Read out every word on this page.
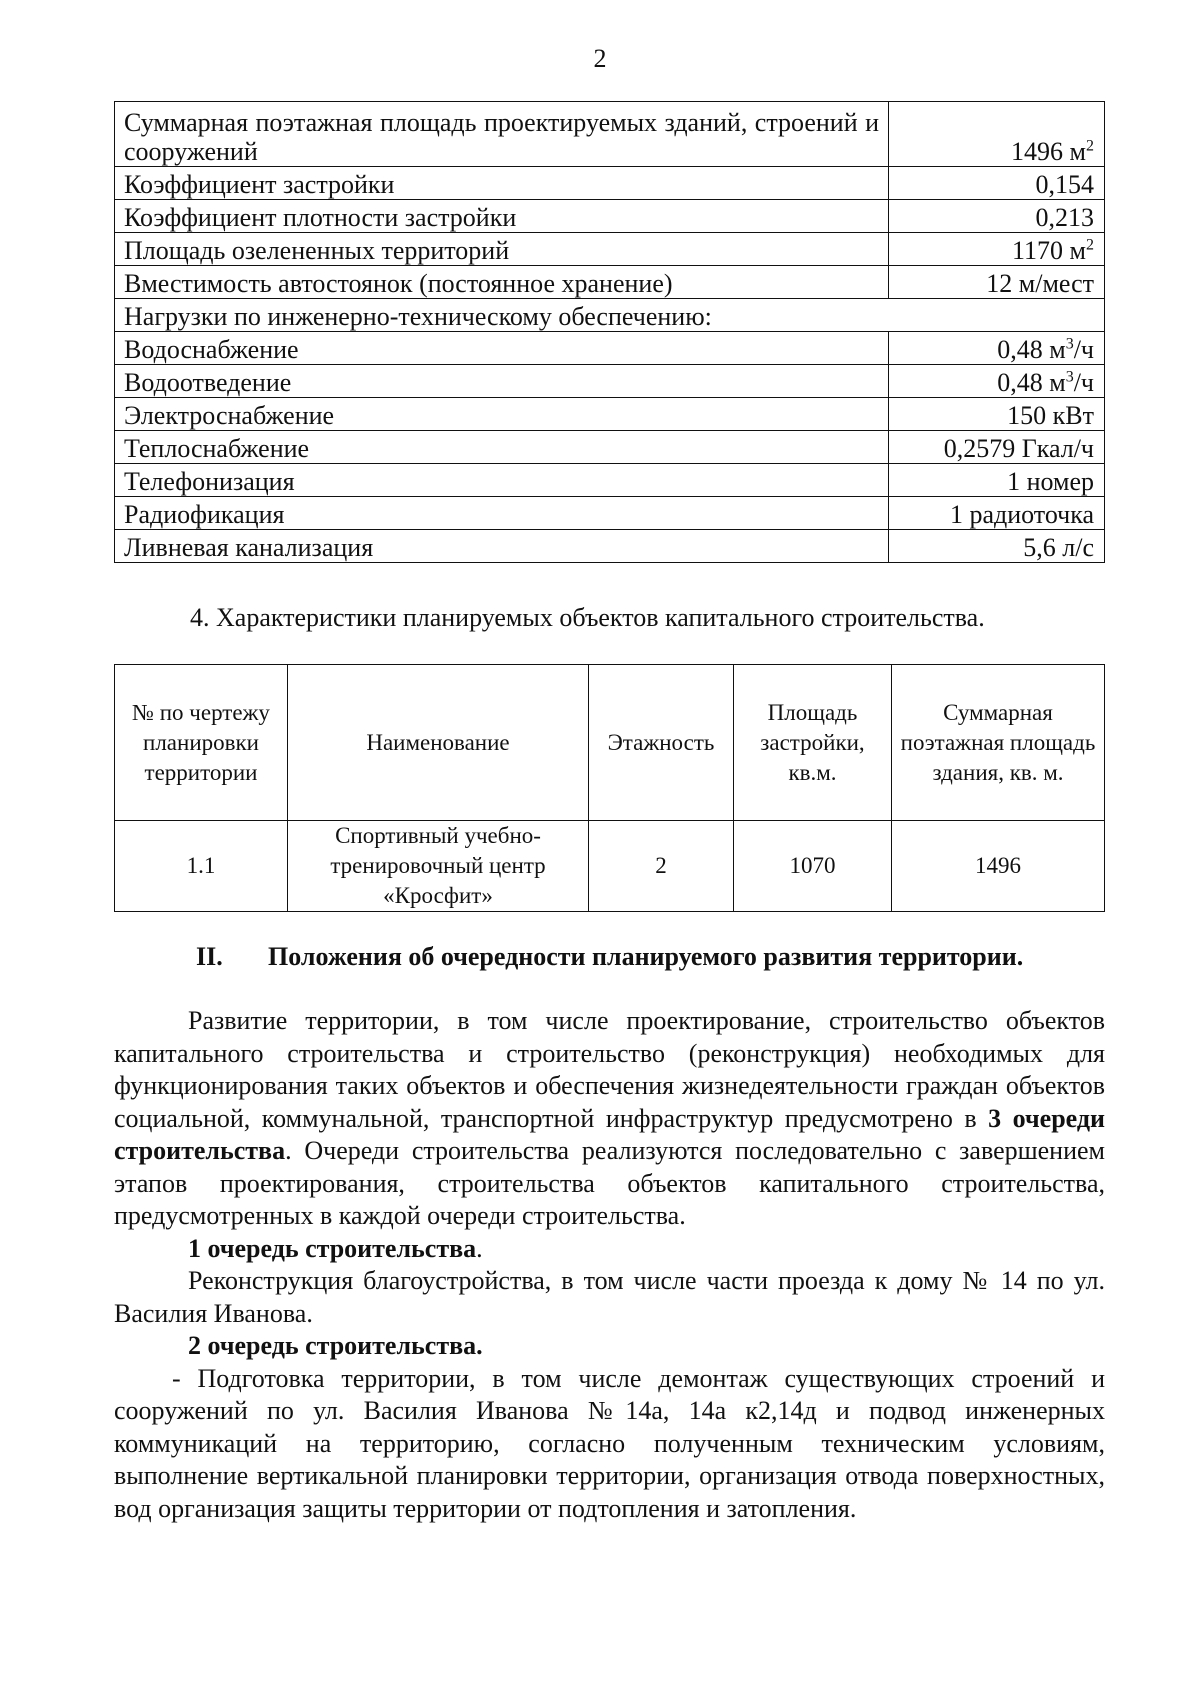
2
Суммарная поэтажная площадь проектируемых зданий, строений и сооружений	1496 $м^2$
Коэффициент застройки	0,154
Коэффициент плотности застройки	0,213
Площадь озелененных территорий	1170 $м^2$
Вместимость автостоянок (постоянное хранение)	12 м/мест
Нагрузки по инженерно-техническому обеспечению:	
Водоснабжение	0,48 $м^3/ч$
Водоотведение	0,48 $м^3/ч$
Электроснабжение	150 кВт
Теплоснабжение	0,2579 Гкал/ч
Телефонизация	1 номер
Радиофикация	1 радиоточка
Ливневая канализация	5,6 л/с
4. Характеристики планируемых объектов капитального строительства.
№ по чертежу планировки территории	Наименование	Этажность	Площадь застройки, кв.м.	Суммарная поэтажная площадь здания, кв. м.
1.1	Спортивный учебно-тренировочный центр «Кросфит»	2	1070	1496
II. Положения об очередности планируемого развития территории.

Развитие территории, в том числе проектирование, строительство объектов капитального строительства и строительство (реконструкция) необходимых для функционирования таких объектов и обеспечения жизнедеятельности граждан объектов социальной, коммунальной, транспортной инфраструктур предусмотрено в 3 очереди строительства. Очереди строительства реализуются последовательно с завершением этапов проектирования, строительства объектов капитального строительства, предусмотренных в каждой очереди строительства.

1 очередь строительства.

Реконструкция благоустройства, в том числе части проезда к дому № 14 по ул. Василия Иванова.

2 очередь строительства.

- Подготовка территории, в том числе демонтаж существующих строений и сооружений по ул. Василия Иванова №14а, 14а к2,14д и подвод инженерных коммуникаций на территорию, согласно полученным техническим условиям, выполнение вертикальной планировки территории, организация отвода поверхностных, вод организация защиты территории от подтопления и затопления.
